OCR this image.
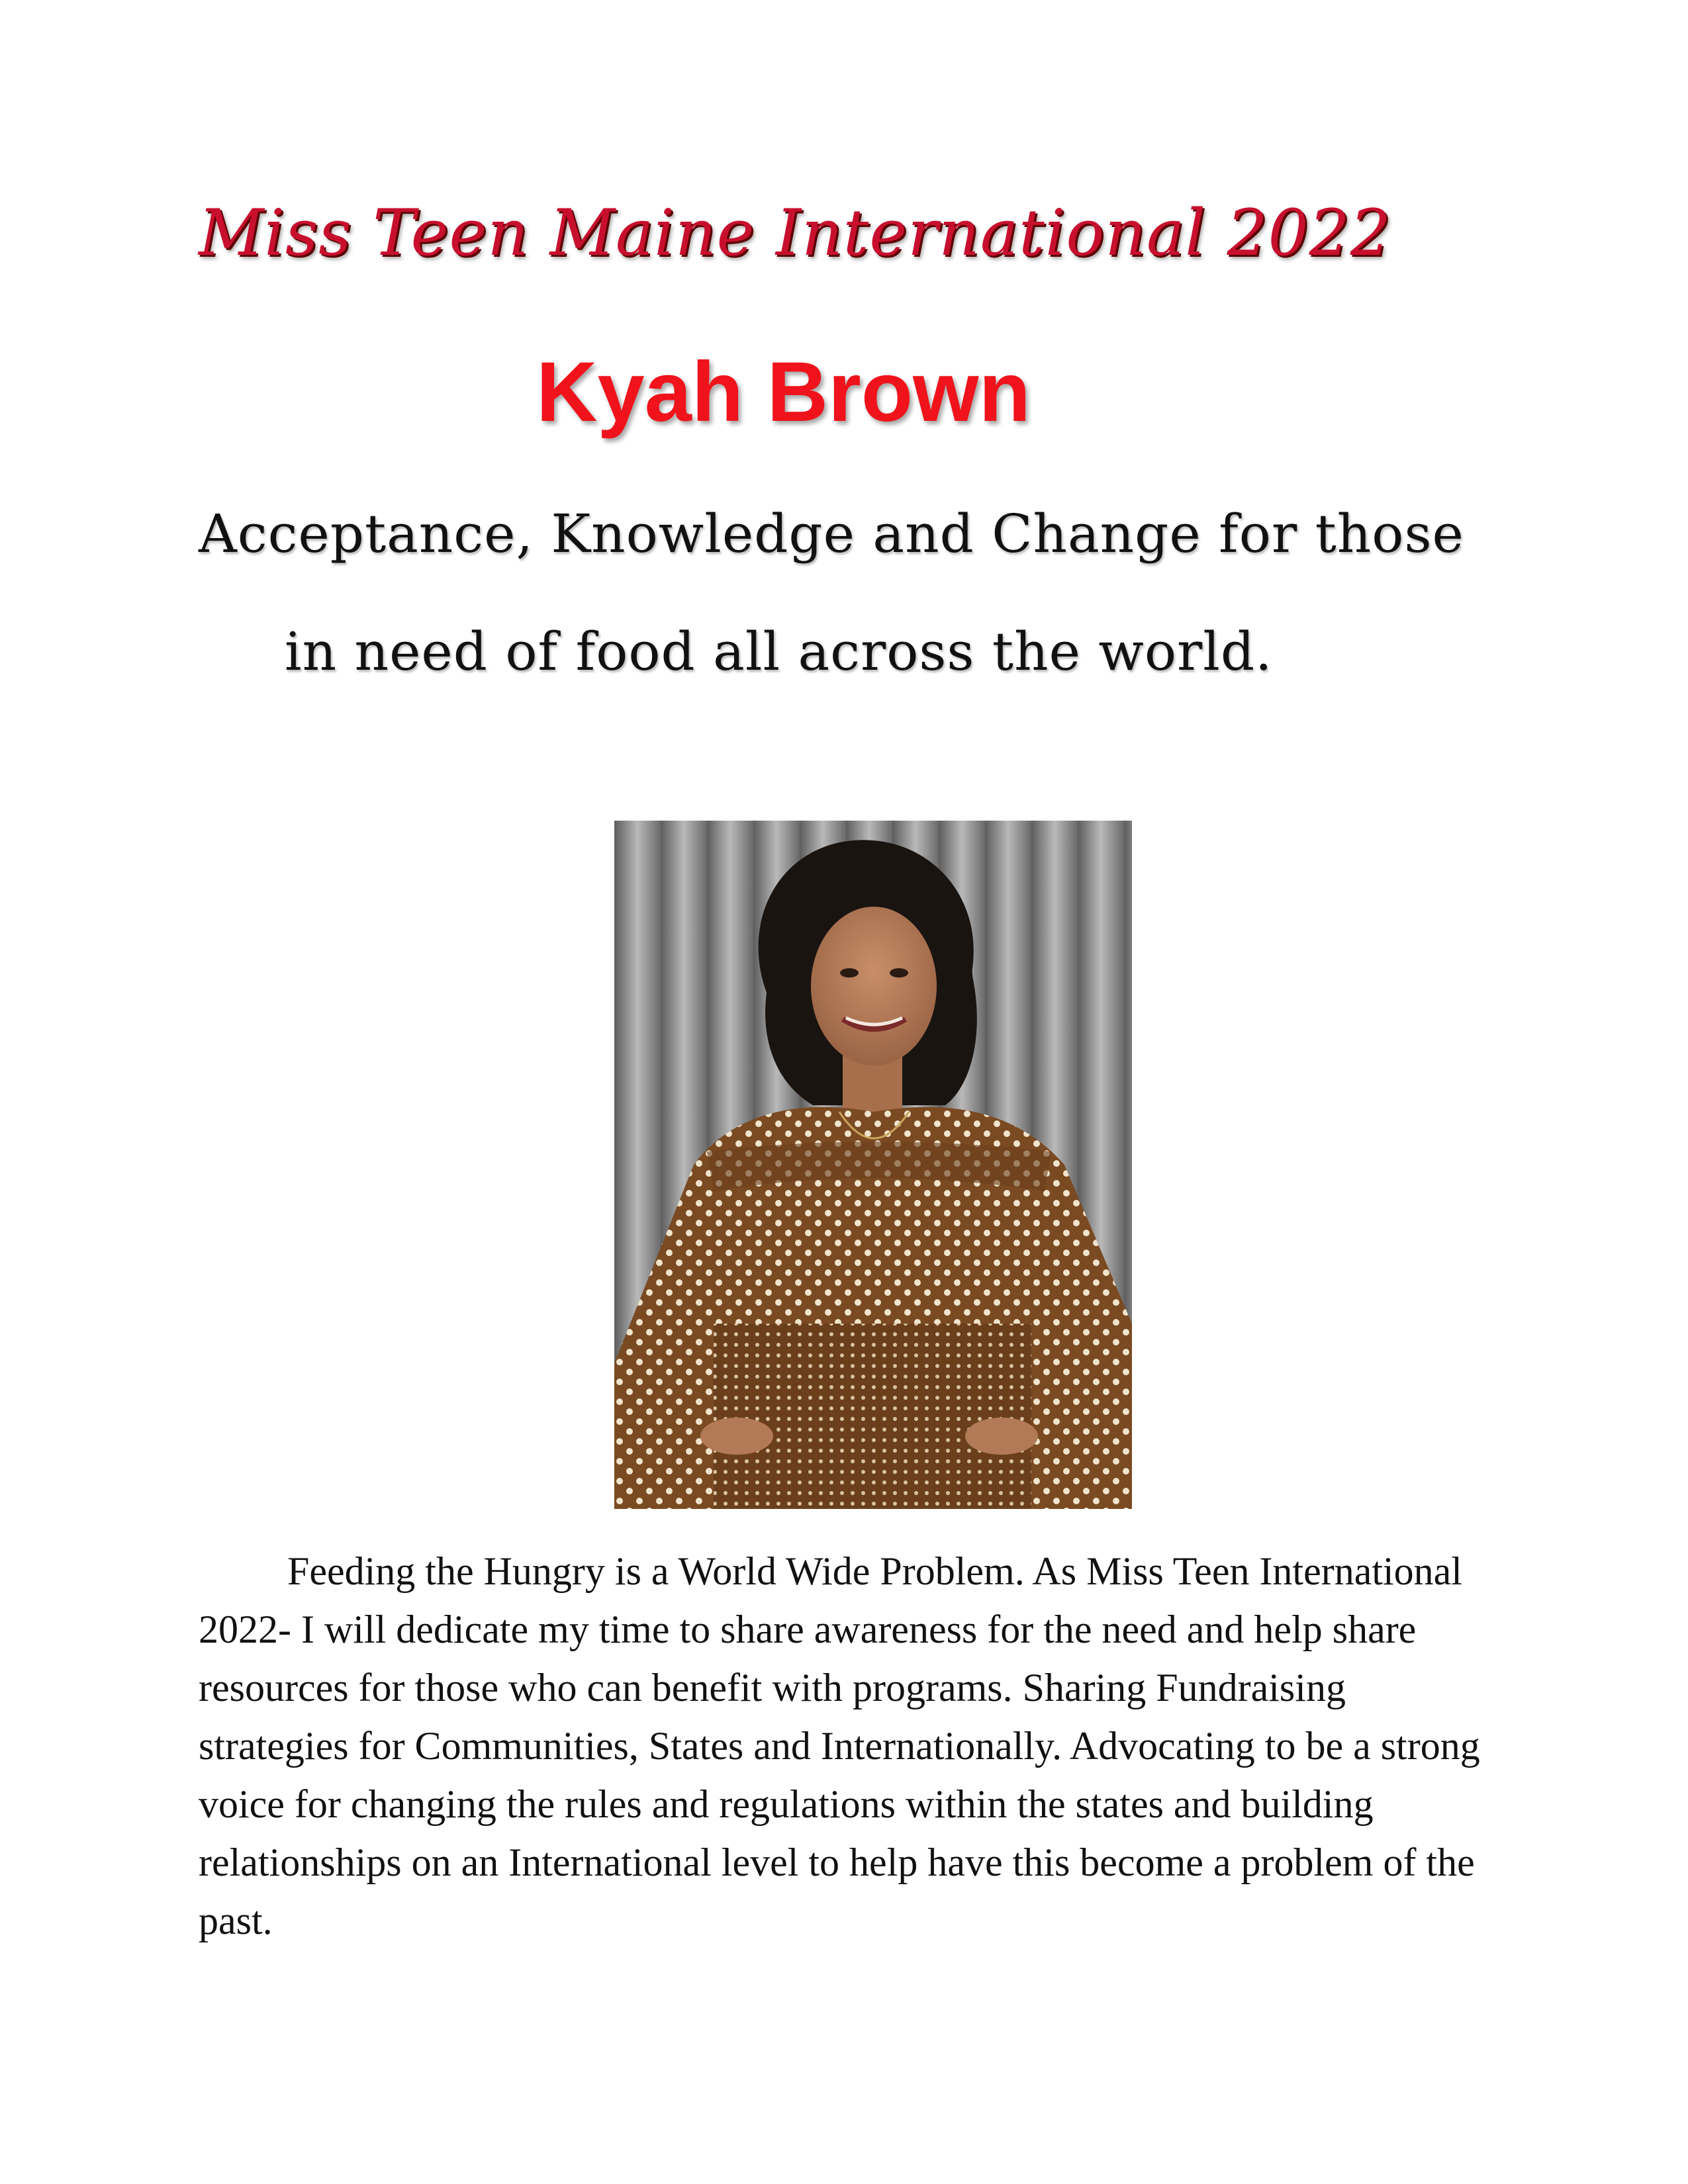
Miss Teen Maine International 2022
Kyah Brown
Acceptance, Knowledge and Change for those
in need of food all across the world.

Feeding the Hungry is a World Wide Problem. As Miss Teen International 2022- I will dedicate my time to share awareness for the need and help share resources for those who can benefit with programs. Sharing Fundraising strategies for Communities, States and Internationally. Advocating to be a strong voice for changing the rules and regulations within the states and building relationships on an International level to help have this become a problem of the past.
